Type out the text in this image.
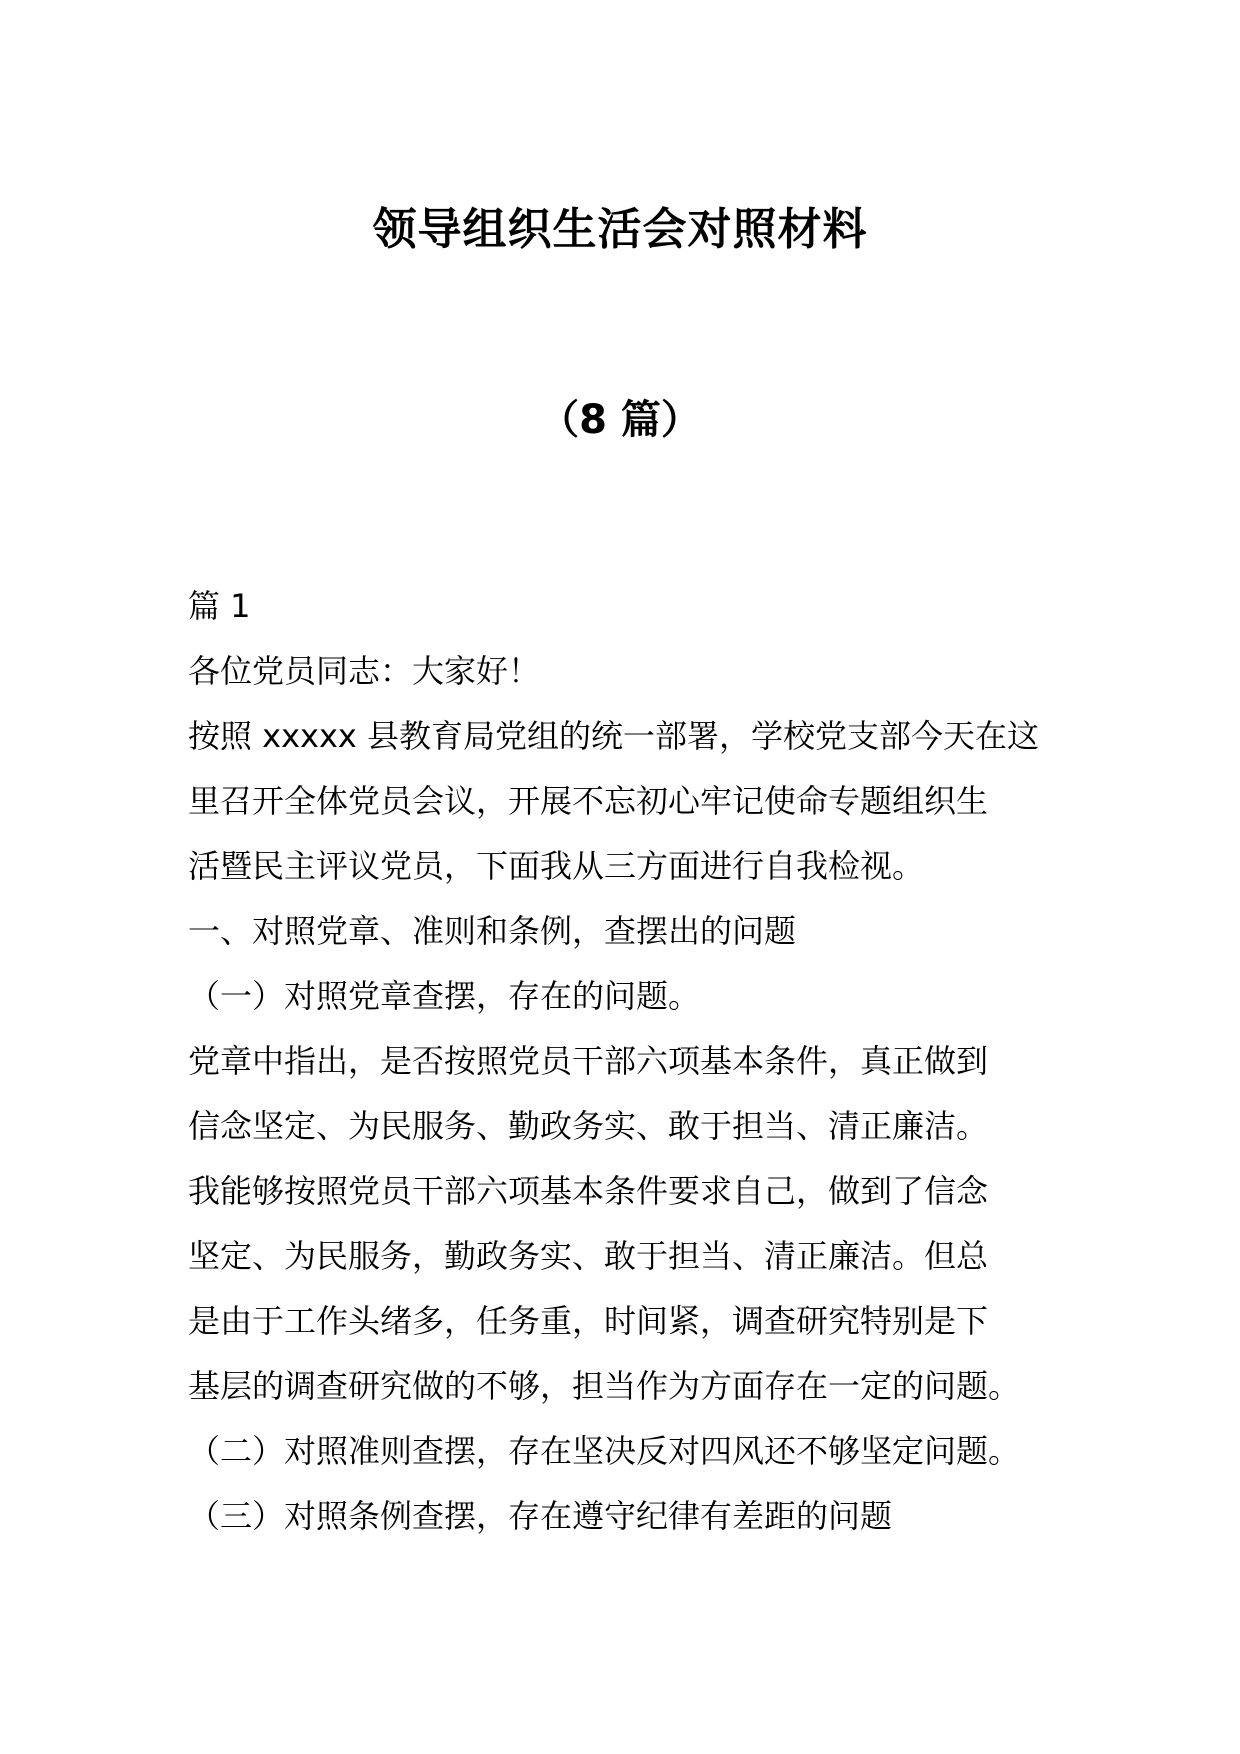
领导组织生活会对照材料
（8 篇）
篇 1
各位党员同志：大家好！
按照 xxxxx 县教育局党组的统一部署，学校党支部今天在这
里召开全体党员会议，开展不忘初心牢记使命专题组织生
活暨民主评议党员，下面我从三方面进行自我检视。
一、对照党章、准则和条例，查摆出的问题
（一）对照党章查摆，存在的问题。
党章中指出，是否按照党员干部六项基本条件，真正做到
信念坚定、为民服务、勤政务实、敢于担当、清正廉洁。
我能够按照党员干部六项基本条件要求自己，做到了信念
坚定、为民服务，勤政务实、敢于担当、清正廉洁。但总
是由于工作头绪多，任务重，时间紧，调查研究特别是下
基层的调查研究做的不够，担当作为方面存在一定的问题。
（二）对照准则查摆，存在坚决反对四风还不够坚定问题。
（三）对照条例查摆，存在遵守纪律有差距的问题
